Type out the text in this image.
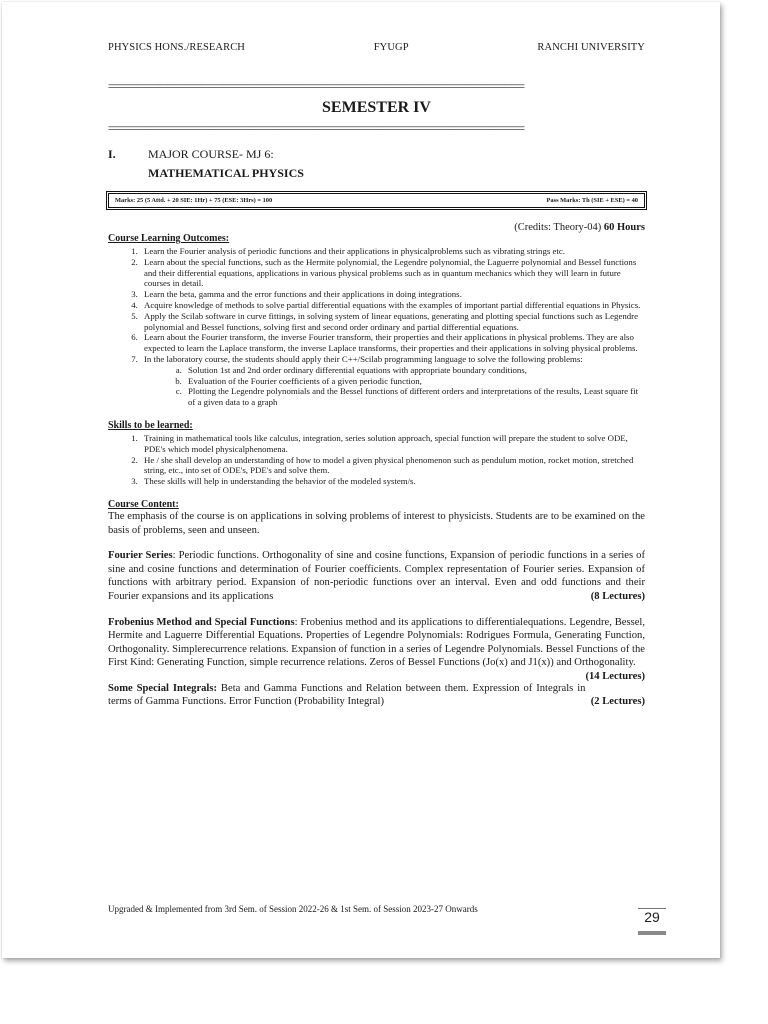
PHYSICS HONS./RESEARCH	FYUGP	RANCHI UNIVERSITY
===================================================================================================
SEMESTER IV
===================================================================================================
I.	MAJOR COURSE- MJ 6:
MATHEMATICAL PHYSICS
Marks: 25 (5 Attd. + 20 SIE: 1Hr) + 75 (ESE: 3Hrs) = 100	Pass Marks: Th (SIE + ESE) = 40
(Credits: Theory-04) 60 Hours
Course Learning Outcomes:
1. Learn the Fourier analysis of periodic functions and their applications in physicalproblems such as vibrating strings etc.
2. Learn about the special functions, such as the Hermite polynomial, the Legendre polynomial, the Laguerre polynomial and Bessel functions and their differential equations, applications in various physical problems such as in quantum mechanics which they will learn in future courses in detail.
3. Learn the beta, gamma and the error functions and their applications in doing integrations.
4. Acquire knowledge of methods to solve partial differential equations with the examples of important partial differential equations in Physics.
5. Apply the Scilab software in curve fittings, in solving system of linear equations, generating and plotting special functions such as Legendre polynomial and Bessel functions, solving first and second order ordinary and partial differential equations.
6. Learn about the Fourier transform, the inverse Fourier transform, their properties and their applications in physical problems. They are also expected to learn the Laplace transform, the inverse Laplace transforms, their properties and their applications in solving physical problems.
7. In the laboratory course, the students should apply their C++/Scilab programming language to solve the following problems:
a. Solution 1st and 2nd order ordinary differential equations with appropriate boundary conditions,
b. Evaluation of the Fourier coefficients of a given periodic function,
c. Plotting the Legendre polynomials and the Bessel functions of different orders and interpretations of the results, Least square fit of a given data to a graph
Skills to be learned:
1. Training in mathematical tools like calculus, integration, series solution approach, special function will prepare the student to solve ODE, PDE's which model physicalphenomena.
2. He / she shall develop an understanding of how to model a given physical phenomenon such as pendulum motion, rocket motion, stretched string, etc., into set of ODE's, PDE's and solve them.
3. These skills will help in understanding the behavior of the modeled system/s.
Course Content:
The emphasis of the course is on applications in solving problems of interest to physicists. Students are to be examined on the basis of problems, seen and unseen.
Fourier Series: Periodic functions. Orthogonality of sine and cosine functions, Expansion of periodic functions in a series of sine and cosine functions and determination of Fourier coefficients. Complex representation of Fourier series. Expansion of functions with arbitrary period. Expansion of non-periodic functions over an interval. Even and odd functions and their Fourier expansions and its applications	(8 Lectures)
Frobenius Method and Special Functions: Frobenius method and its applications to differentialequations. Legendre, Bessel, Hermite and Laguerre Differential Equations. Properties of Legendre Polynomials: Rodrigues Formula, Generating Function, Orthogonality. Simplerecurrence relations. Expansion of function in a series of Legendre Polynomials. Bessel Functions of the First Kind: Generating Function, simple recurrence relations. Zeros of Bessel Functions (Jo(x) and J1(x)) and Orthogonality.
(14 Lectures)
Some Special Integrals: Beta and Gamma Functions and Relation between them. Expression of Integrals in terms of Gamma Functions. Error Function (Probability Integral)	(2 Lectures)
Upgraded & Implemented from 3rd Sem. of Session 2022-26 & 1st Sem. of Session 2023-27 Onwards	29
